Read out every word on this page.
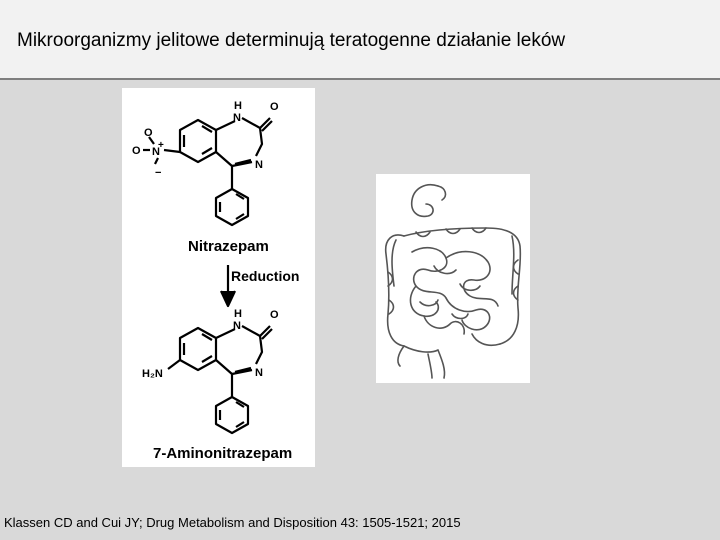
Mikroorganizmy jelitowe determinują teratogenne działanie leków
H
N
O
N
N
+
O
O
−
Nitrazepam
Reduction
H
N
O
N
H₂N
7-Aminonitrazepam
Klassen CD and Cui JY; Drug Metabolism and Disposition 43: 1505-1521; 2015
